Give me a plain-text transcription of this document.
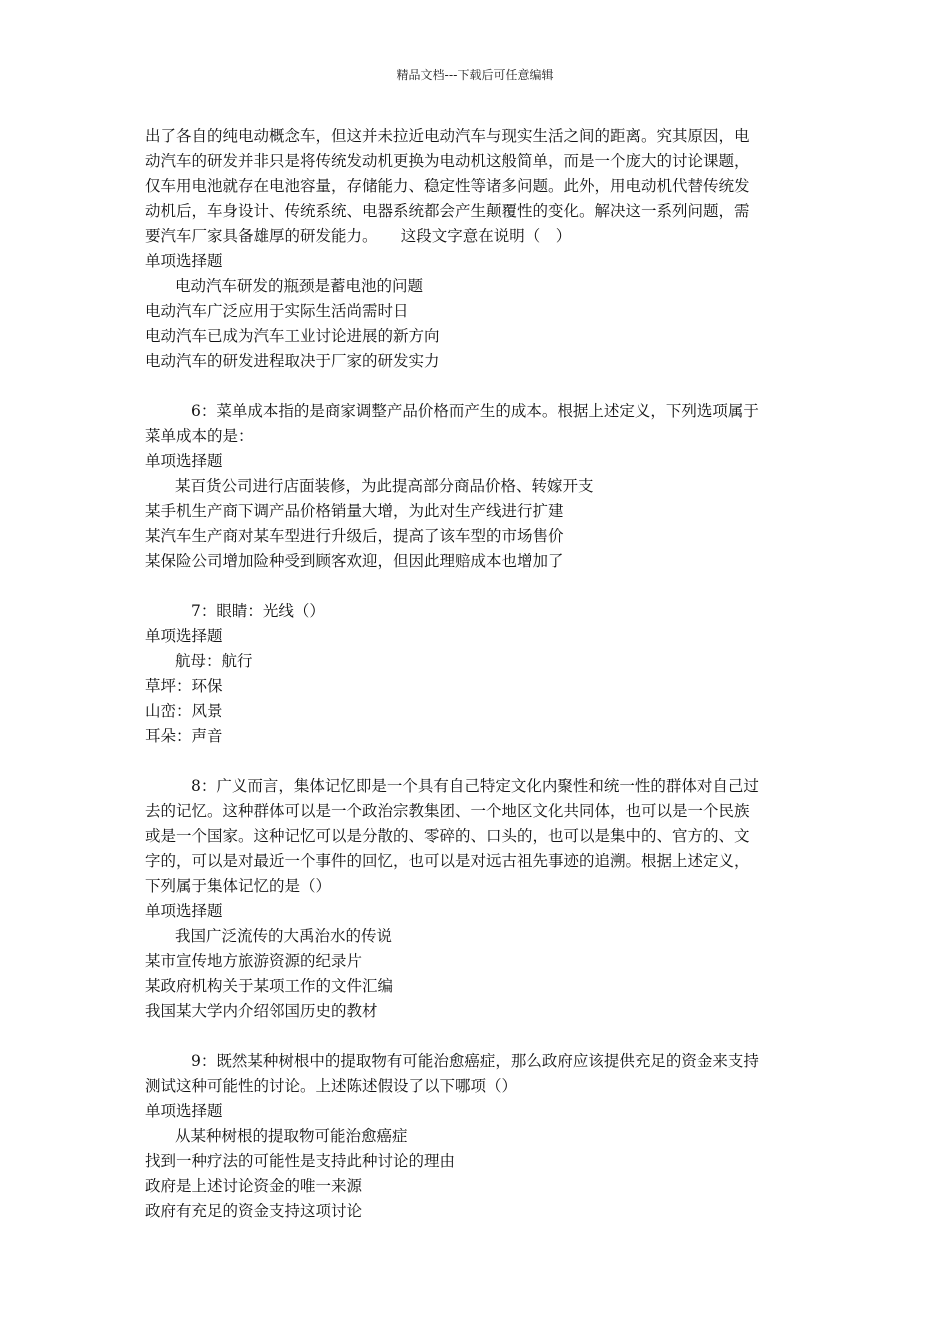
精品文档---下载后可任意编辑

出了各自的纯电动概念车，但这并未拉近电动汽车与现实生活之间的距离。究其原因，电

动汽车的研发并非只是将传统发动机更换为电动机这般简单，而是一个庞大的讨论课题，

仅车用电池就存在电池容量，存储能力、稳定性等诸多问题。此外，用电动机代替传统发

动机后，车身设计、传统系统、电器系统都会产生颠覆性的变化。解决这一系列问题，需

要汽车厂家具备雄厚的研发能力。　　这段文字意在说明（　）

单项选择题

电动汽车研发的瓶颈是蓄电池的问题

电动汽车广泛应用于实际生活尚需时日

电动汽车已成为汽车工业讨论进展的新方向

电动汽车的研发进程取决于厂家的研发实力

6：菜单成本指的是商家调整产品价格而产生的成本。根据上述定义，下列选项属于

菜单成本的是：

单项选择题

某百货公司进行店面装修，为此提高部分商品价格、转嫁开支

某手机生产商下调产品价格销量大增，为此对生产线进行扩建

某汽车生产商对某车型进行升级后，提高了该车型的市场售价

某保险公司增加险种受到顾客欢迎，但因此理赔成本也增加了

7：眼睛：光线（）

单项选择题

航母：航行

草坪：环保

山峦：风景

耳朵：声音

8：广义而言，集体记忆即是一个具有自己特定文化内聚性和统一性的群体对自己过

去的记忆。这种群体可以是一个政治宗教集团、一个地区文化共同体，也可以是一个民族

或是一个国家。这种记忆可以是分散的、零碎的、口头的，也可以是集中的、官方的、文

字的，可以是对最近一个事件的回忆，也可以是对远古祖先事迹的追溯。根据上述定义，

下列属于集体记忆的是（）

单项选择题

我国广泛流传的大禹治水的传说

某市宣传地方旅游资源的纪录片

某政府机构关于某项工作的文件汇编

我国某大学内介绍邻国历史的教材

9：既然某种树根中的提取物有可能治愈癌症，那么政府应该提供充足的资金来支持

测试这种可能性的讨论。上述陈述假设了以下哪项（）

单项选择题

从某种树根的提取物可能治愈癌症

找到一种疗法的可能性是支持此种讨论的理由

政府是上述讨论资金的唯一来源

政府有充足的资金支持这项讨论
